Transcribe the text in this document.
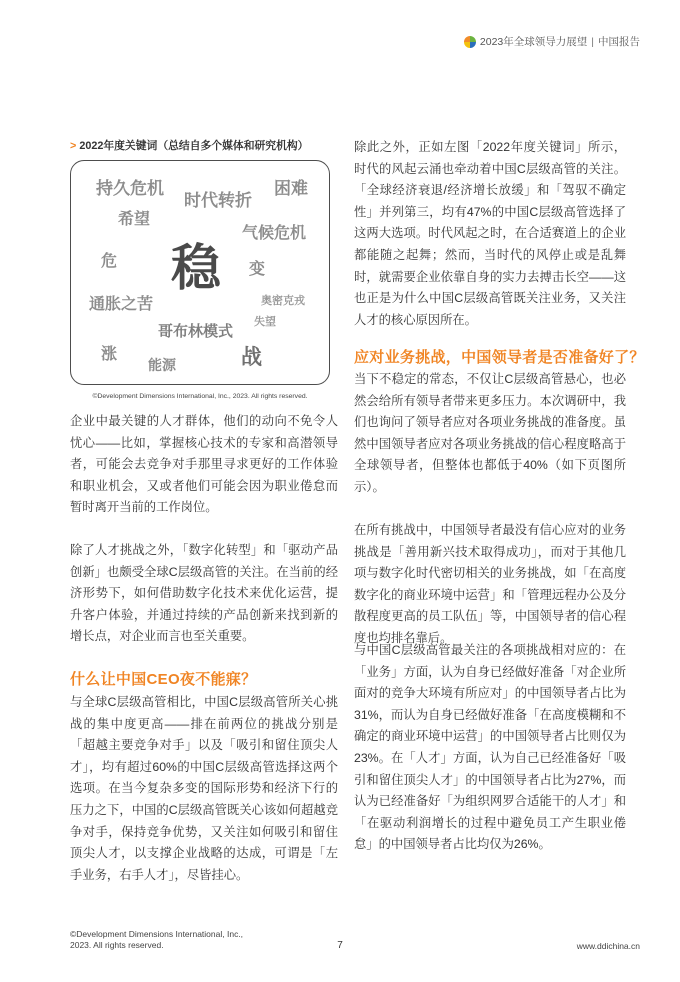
2023年全球领导力展望 | 中国报告
> 2022年度关键词（总结自多个媒体和研究机构）
持久危机
时代转折
困难
希望
气候危机
危 稳 变
通胀之苦	奥密克戎
哥布林模式
失望
涨
能源	战
©Development Dimensions International, Inc., 2023. All rights reserved.

企业中最关键的人才群体，他们的动向不免令人忧心——比如，掌握核心技术的专家和高潜领导者，可能会去竞争对手那里寻求更好的工作体验和职业机会，又或者他们可能会因为职业倦怠而暂时离开当前的工作岗位。

除了人才挑战之外，「数字化转型」和「驱动产品创新」也颇受全球C层级高管的关注。在当前的经济形势下，如何借助数字化技术来优化运营，提升客户体验，并通过持续的产品创新来找到新的增长点，对企业而言也至关重要。

什么让中国CEO夜不能寐？

与全球C层级高管相比，中国C层级高管所关心挑战的集中度更高——排在前两位的挑战分别是「超越主要竞争对手」以及「吸引和留住顶尖人才」，均有超过60%的中国C层级高管选择这两个选项。在当今复杂多变的国际形势和经济下行的压力之下，中国的C层级高管既关心该如何超越竞争对手，保持竞争优势，又关注如何吸引和留住顶尖人才，以支撑企业战略的达成，可谓是「左手业务，右手人才」，尽皆挂心。

除此之外，正如左图「2022年度关键词」所示，时代的风起云涌也牵动着中国C层级高管的关注。「全球经济衰退/经济增长放缓」和「驾驭不确定性」并列第三，均有47%的中国C层级高管选择了这两大选项。时代风起之时，在合适赛道上的企业都能随之起舞；然而，当时代的风停止或是乱舞时，就需要企业依靠自身的实力去搏击长空——这也正是为什么中国C层级高管既关注业务，又关注人才的核心原因所在。

应对业务挑战，中国领导者是否准备好了？

当下不稳定的常态，不仅让C层级高管悬心，也必然会给所有领导者带来更多压力。本次调研中，我们也询问了领导者应对各项业务挑战的准备度。虽然中国领导者应对各项业务挑战的信心程度略高于全球领导者，但整体也都低于40%（如下页图所示）。

在所有挑战中，中国领导者最没有信心应对的业务挑战是「善用新兴技术取得成功」，而对于其他几项与数字化时代密切相关的业务挑战，如「在高度数字化的商业环境中运营」和「管理远程办公及分散程度更高的员工队伍」等，中国领导者的信心程度也均排名靠后。

与中国C层级高管最关注的各项挑战相对应的：在「业务」方面，认为自身已经做好准备「对企业所面对的竞争大环境有所应对」的中国领导者占比为31%，而认为自身已经做好准备「在高度模糊和不确定的商业环境中运营」的中国领导者占比则仅为23%。在「人才」方面，认为自己已经准备好「吸引和留住顶尖人才」的中国领导者占比为27%，而认为已经准备好「为组织网罗合适能干的人才」和「在驱动利润增长的过程中避免员工产生职业倦怠」的中国领导者占比均仅为26%。

©Development Dimensions International, Inc., 2023. All rights reserved.	7	www.ddichina.cn
